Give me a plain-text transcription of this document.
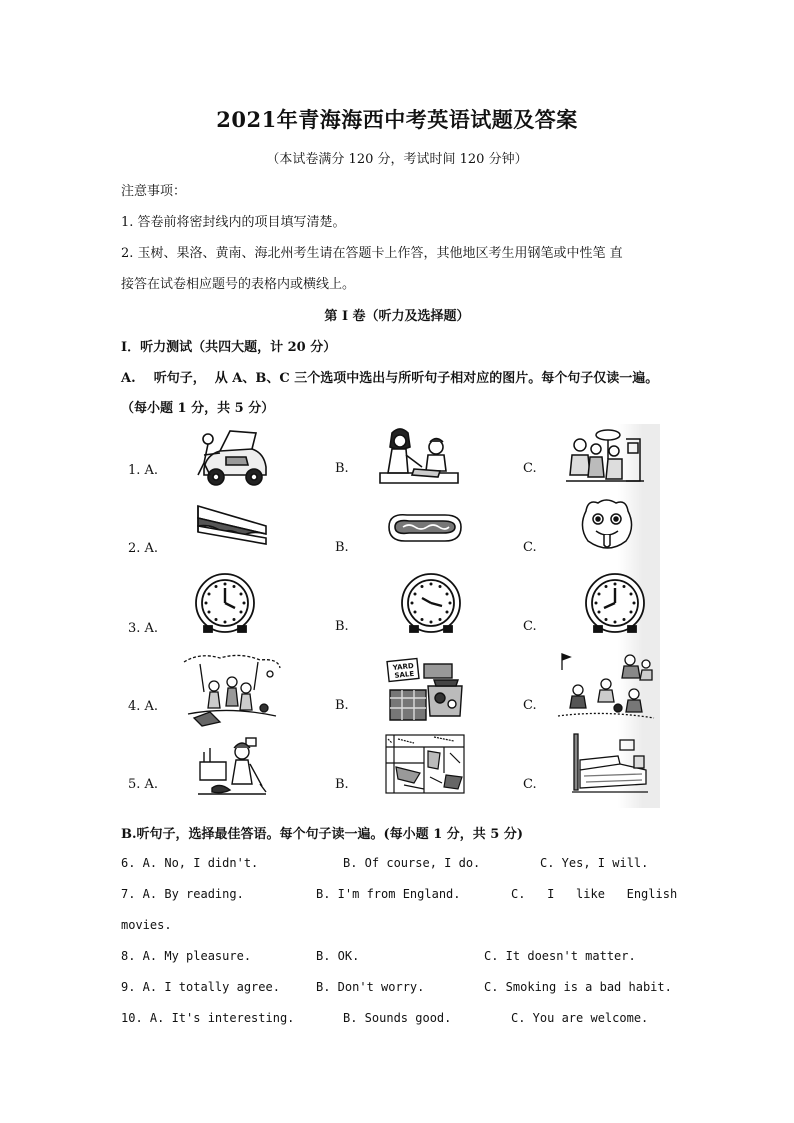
2021年青海海西中考英语试题及答案
（本试卷满分 120 分，考试时间 120 分钟）
注意事项：
1. 答卷前将密封线内的项目填写清楚。
2. 玉树、果洛、黄南、海北州考生请在答题卡上作答，其他地区考生用钢笔或中性笔 直
接答在试卷相应题号的表格内或横线上。
第 I 卷（听力及选择题）
I．听力测试（共四大题，计 20 分）
A.    听句子，  从 A、B、C 三个选项中选出与所听句子相对应的图片。每个句子仅读一遍。
（每小题 1 分，共 5 分）
1. A.	B.	C.
2. A.	B.	C.
3. A.	B.	C.
4. A.	B.	C.
5. A.	B.	C.
YARD
SALE
B.听句子，选择最佳答语。每个句子读一遍。(每小题 1 分，共 5 分)
6. A. No, I didn't.	B. Of course, I do.	C. Yes, I will.
7. A. By reading.	B. I'm from England.	C.   I   like   English
movies.
8. A. My pleasure.	B. OK.	C. It doesn't matter.
9. A. I totally agree.	B. Don't worry.	C. Smoking is a bad habit.
10. A. It's interesting.	B. Sounds good.	C. You are welcome.
